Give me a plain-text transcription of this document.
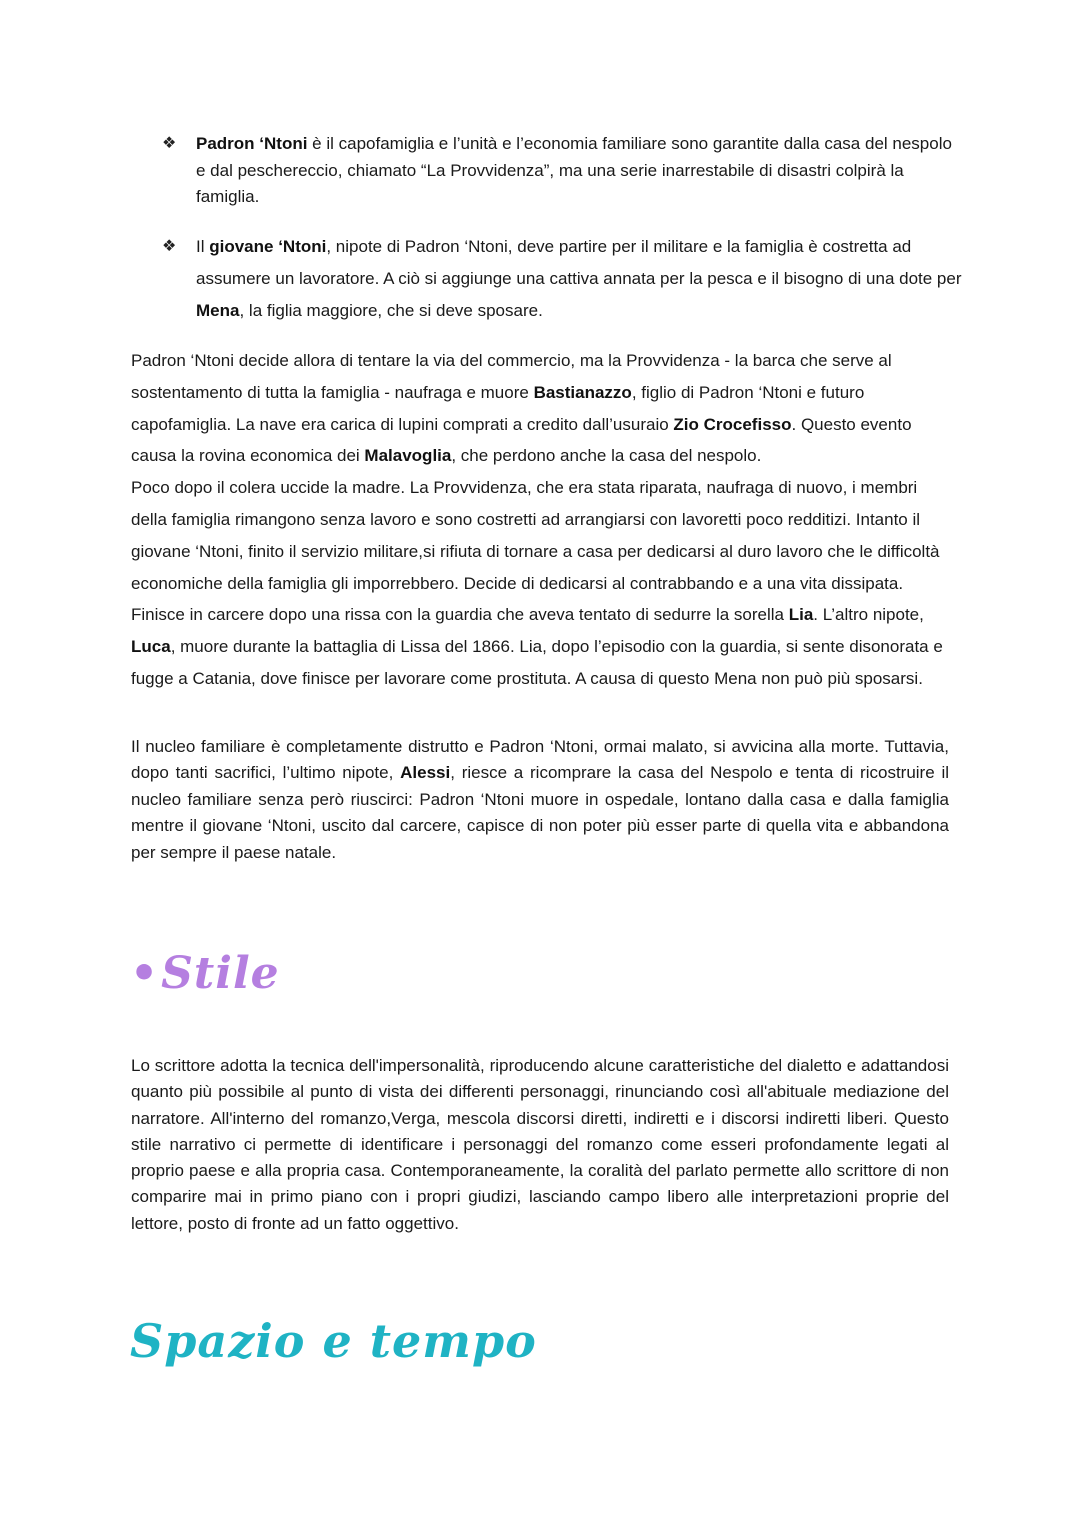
❖ Padron ‘Ntoni è il capofamiglia e l’unità e l’economia familiare sono garantite dalla casa del nespolo e dal peschereccio, chiamato “La Provvidenza”, ma una serie inarrestabile di disastri colpirà la famiglia.
❖ Il giovane ‘Ntoni, nipote di Padron ‘Ntoni, deve partire per il militare e la famiglia è costretta ad assumere un lavoratore. A ciò si aggiunge una cattiva annata per la pesca e il bisogno di una dote per Mena, la figlia maggiore, che si deve sposare.

Padron ‘Ntoni decide allora di tentare la via del commercio, ma la Provvidenza - la barca che serve al sostentamento di tutta la famiglia - naufraga e muore Bastianazzo, figlio di Padron ‘Ntoni e futuro capofamiglia. La nave era carica di lupini comprati a credito dall’usuraio Zio Crocefisso. Questo evento causa la rovina economica dei Malavoglia, che perdono anche la casa del nespolo.
Poco dopo il colera uccide la madre. La Provvidenza, che era stata riparata, naufraga di nuovo, i membri della famiglia rimangono senza lavoro e sono costretti ad arrangiarsi con lavoretti poco redditizi. Intanto il giovane ‘Ntoni, finito il servizio militare,si rifiuta di tornare a casa per dedicarsi al duro lavoro che le difficoltà economiche della famiglia gli imporrebbero. Decide di dedicarsi al contrabbando e a una vita dissipata. Finisce in carcere dopo una rissa con la guardia che aveva tentato di sedurre la sorella Lia. L’altro nipote, Luca, muore durante la battaglia di Lissa del 1866. Lia, dopo l’episodio con la guardia, si sente disonorata e fugge a Catania, dove finisce per lavorare come prostituta. A causa di questo Mena non può più sposarsi.

Il nucleo familiare è completamente distrutto e Padron ‘Ntoni, ormai malato, si avvicina alla morte. Tuttavia, dopo tanti sacrifici, l’ultimo nipote, Alessi, riesce a ricomprare la casa del Nespolo e tenta di ricostruire il nucleo familiare senza però riuscirci: Padron ‘Ntoni muore in ospedale, lontano dalla casa e dalla famiglia mentre il giovane ‘Ntoni, uscito dal carcere, capisce di non poter più esser parte di quella vita e abbandona per sempre il paese natale.

•Stile

Lo scrittore adotta la tecnica dell'impersonalità, riproducendo alcune caratteristiche del dialetto e adattandosi quanto più possibile al punto di vista dei differenti personaggi, rinunciando così all'abituale mediazione del narratore. All'interno del romanzo,Verga, mescola discorsi diretti, indiretti e i discorsi indiretti liberi. Questo stile narrativo ci permette di identificare i personaggi del romanzo come esseri profondamente legati al proprio paese e alla propria casa. Contemporaneamente, la coralità del parlato permette allo scrittore di non comparire mai in primo piano con i propri giudizi, lasciando campo libero alle interpretazioni proprie del lettore, posto di fronte ad un fatto oggettivo.

Spazio e tempo
